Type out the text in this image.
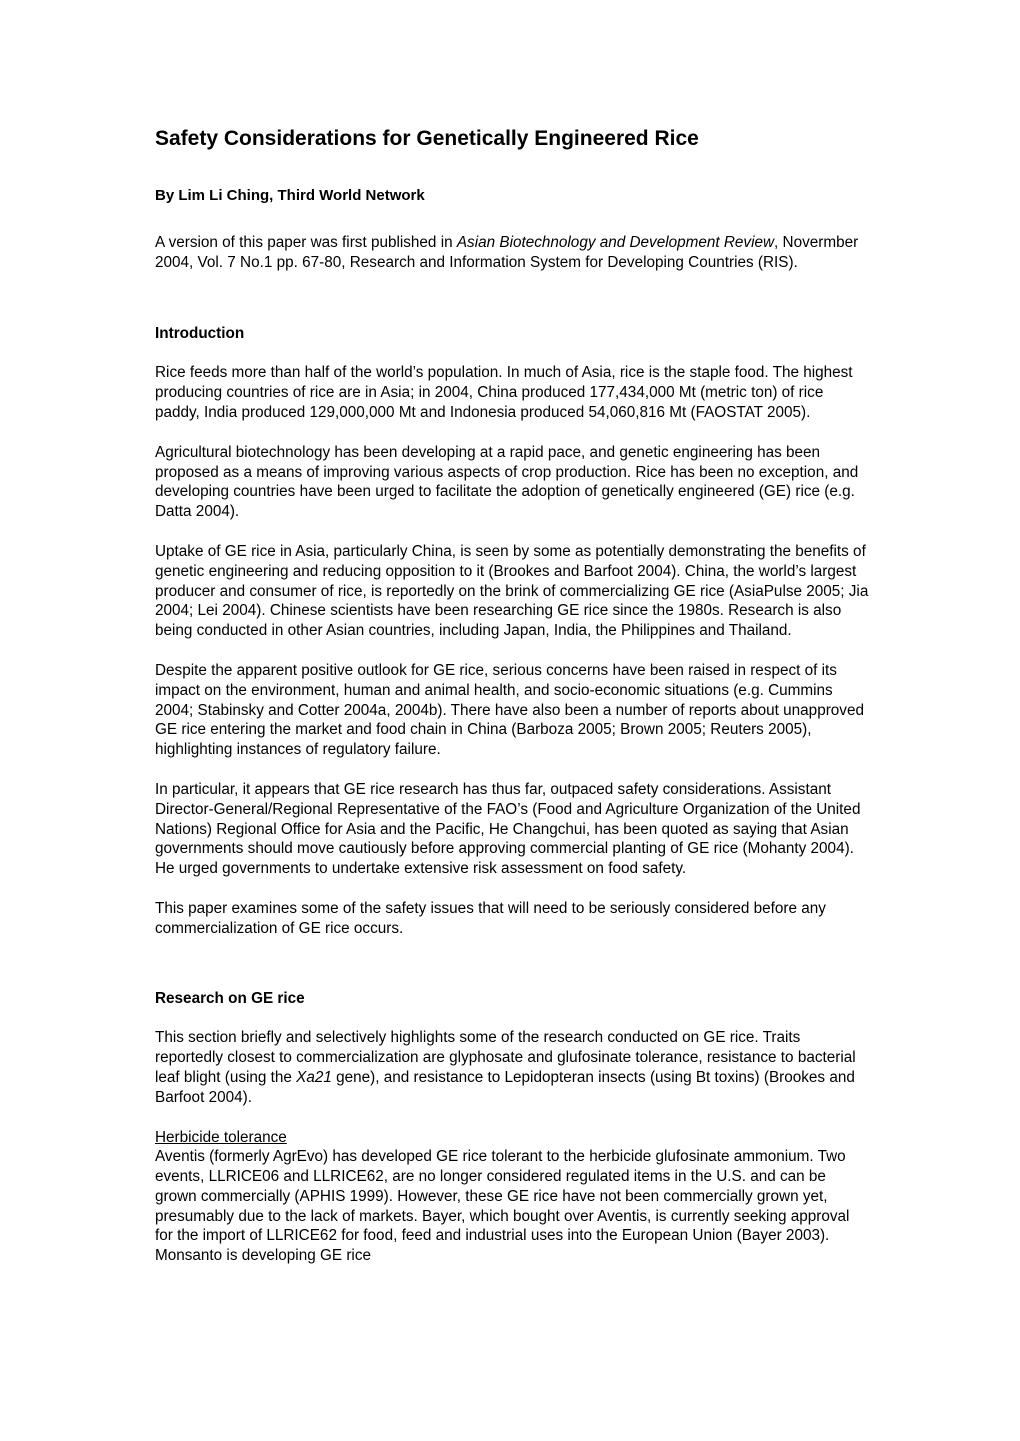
Safety Considerations for Genetically Engineered Rice
By Lim Li Ching, Third World Network

A version of this paper was first published in Asian Biotechnology and Development Review, Novermber 2004, Vol. 7 No.1 pp. 67-80, Research and Information System for Developing Countries (RIS).

Introduction

Rice feeds more than half of the world’s population. In much of Asia, rice is the staple food. The highest producing countries of rice are in Asia; in 2004, China produced 177,434,000 Mt (metric ton) of rice paddy, India produced 129,000,000 Mt and Indonesia produced 54,060,816 Mt (FAOSTAT 2005).

Agricultural biotechnology has been developing at a rapid pace, and genetic engineering has been proposed as a means of improving various aspects of crop production. Rice has been no exception, and developing countries have been urged to facilitate the adoption of genetically engineered (GE) rice (e.g. Datta 2004).

Uptake of GE rice in Asia, particularly China, is seen by some as potentially demonstrating the benefits of genetic engineering and reducing opposition to it (Brookes and Barfoot 2004). China, the world’s largest producer and consumer of rice, is reportedly on the brink of commercializing GE rice (AsiaPulse 2005; Jia 2004; Lei 2004). Chinese scientists have been researching GE rice since the 1980s. Research is also being conducted in other Asian countries, including Japan, India, the Philippines and Thailand.

Despite the apparent positive outlook for GE rice, serious concerns have been raised in respect of its impact on the environment, human and animal health, and socio-economic situations (e.g. Cummins 2004; Stabinsky and Cotter 2004a, 2004b). There have also been a number of reports about unapproved GE rice entering the market and food chain in China (Barboza 2005; Brown 2005; Reuters 2005), highlighting instances of regulatory failure.

In particular, it appears that GE rice research has thus far, outpaced safety considerations. Assistant Director-General/Regional Representative of the FAO’s (Food and Agriculture Organization of the United Nations) Regional Office for Asia and the Pacific, He Changchui, has been quoted as saying that Asian governments should move cautiously before approving commercial planting of GE rice (Mohanty 2004). He urged governments to undertake extensive risk assessment on food safety.

This paper examines some of the safety issues that will need to be seriously considered before any commercialization of GE rice occurs.

Research on GE rice

This section briefly and selectively highlights some of the research conducted on GE rice. Traits reportedly closest to commercialization are glyphosate and glufosinate tolerance, resistance to bacterial leaf blight (using the Xa21 gene), and resistance to Lepidopteran insects (using Bt toxins) (Brookes and Barfoot 2004).

Herbicide tolerance

Aventis (formerly AgrEvo) has developed GE rice tolerant to the herbicide glufosinate ammonium. Two events, LLRICE06 and LLRICE62, are no longer considered regulated items in the U.S. and can be grown commercially (APHIS 1999). However, these GE rice have not been commercially grown yet, presumably due to the lack of markets. Bayer, which bought over Aventis, is currently seeking approval for the import of LLRICE62 for food, feed and industrial uses into the European Union (Bayer 2003). Monsanto is developing GE rice
